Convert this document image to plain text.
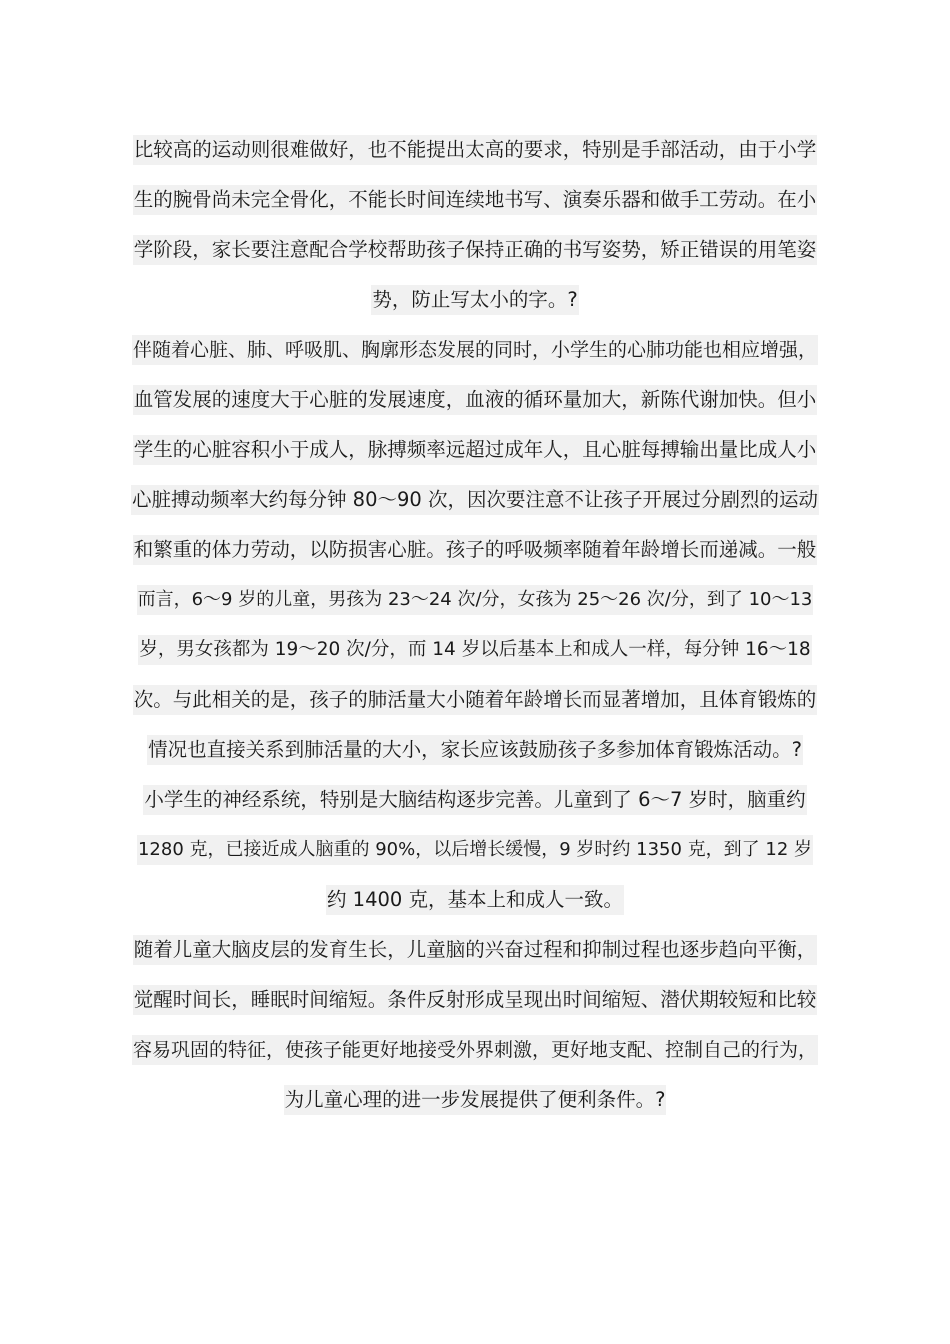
比较高的运动则很难做好，也不能提出太高的要求，特别是手部活动，由于小学
生的腕骨尚未完全骨化，不能长时间连续地书写、演奏乐器和做手工劳动。在小
学阶段，家长要注意配合学校帮助孩子保持正确的书写姿势，矫正错误的用笔姿
势，防止写太小的字。?
伴随着心脏、肺、呼吸肌、胸廓形态发展的同时，小学生的心肺功能也相应增强，
血管发展的速度大于心脏的发展速度，血液的循环量加大，新陈代谢加快。但小
学生的心脏容积小于成人，脉搏频率远超过成年人，且心脏每搏输出量比成人小
心脏搏动频率大约每分钟 80～90 次，因次要注意不让孩子开展过分剧烈的运动
和繁重的体力劳动，以防损害心脏。孩子的呼吸频率随着年龄增长而递减。一般
而言，6～9 岁的儿童，男孩为 23～24 次/分，女孩为 25～26 次/分，到了 10～13
岁，男女孩都为 19～20 次/分，而 14 岁以后基本上和成人一样，每分钟 16～18
次。与此相关的是，孩子的肺活量大小随着年龄增长而显著增加，且体育锻炼的
情况也直接关系到肺活量的大小，家长应该鼓励孩子多参加体育锻炼活动。?
小学生的神经系统，特别是大脑结构逐步完善。儿童到了 6～7 岁时，脑重约
1280 克，已接近成人脑重的 90%，以后增长缓慢，9 岁时约 1350 克，到了 12 岁
约 1400 克，基本上和成人一致。
随着儿童大脑皮层的发育生长，儿童脑的兴奋过程和抑制过程也逐步趋向平衡，
觉醒时间长，睡眠时间缩短。条件反射形成呈现出时间缩短、潜伏期较短和比较
容易巩固的特征，使孩子能更好地接受外界刺激，更好地支配、控制自己的行为，
为儿童心理的进一步发展提供了便利条件。?
